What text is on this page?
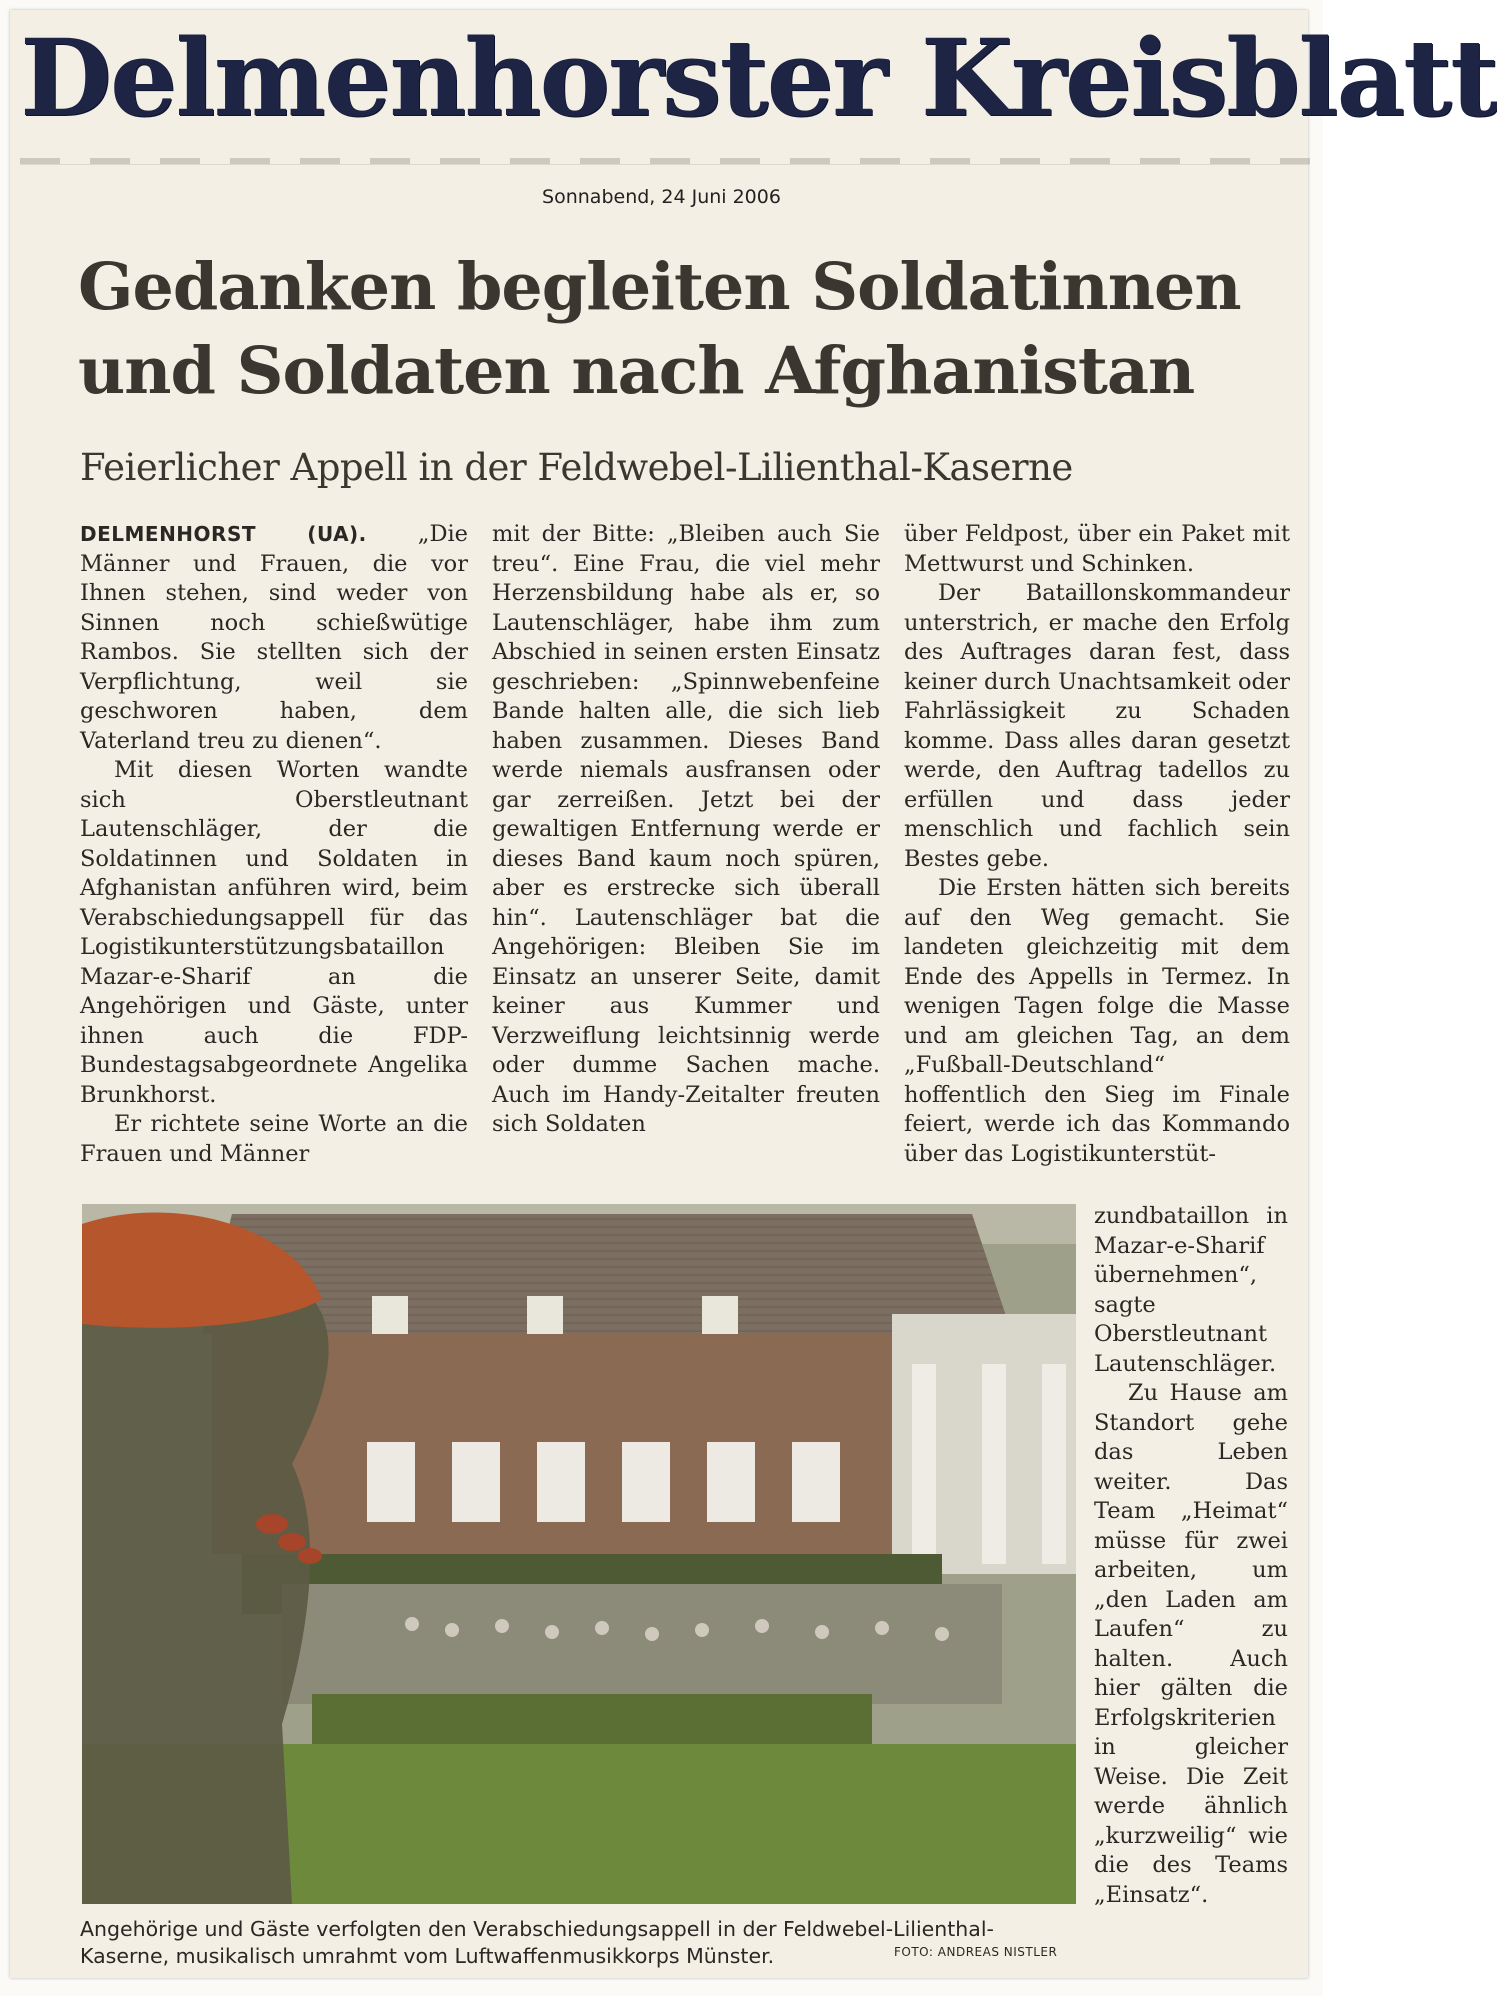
Delmenhorster Kreisblatt
Sonnabend, 24 Juni 2006
Gedanken begleiten Soldatinnen
und Soldaten nach Afghanistan
Feierlicher Appell in der Feldwebel-Lilienthal-Kaserne

DELMENHORST (UA). „Die Männer und Frauen, die vor Ihnen stehen, sind weder von Sinnen noch schießwütige Rambos. Sie stellten sich der Verpflichtung, weil sie geschworen haben, dem Vaterland treu zu dienen“.

Mit diesen Worten wandte sich Oberstleutnant Lautenschläger, der die Soldatinnen und Soldaten in Afghanistan anführen wird, beim Verabschiedungsappell für das Logistikunterstützungsbataillon Mazar-e-Sharif an die Angehörigen und Gäste, unter ihnen auch die FDP-Bundestagsabgeordnete Angelika Brunkhorst.

Er richtete seine Worte an die Frauen und Männer

mit der Bitte: „Bleiben auch Sie treu“. Eine Frau, die viel mehr Herzensbildung habe als er, so Lautenschläger, habe ihm zum Abschied in seinen ersten Einsatz geschrieben: „Spinnwebenfeine Bande halten alle, die sich lieb haben zusammen. Dieses Band werde niemals ausfransen oder gar zerreißen. Jetzt bei der gewaltigen Entfernung werde er dieses Band kaum noch spüren, aber es erstrecke sich überall hin“. Lautenschläger bat die Angehörigen: Bleiben Sie im Einsatz an unserer Seite, damit keiner aus Kummer und Verzweiflung leichtsinnig werde oder dumme Sachen mache. Auch im Handy-Zeitalter freuten sich Soldaten

über Feldpost, über ein Paket mit Mettwurst und Schinken.

Der Bataillonskommandeur unterstrich, er mache den Erfolg des Auftrages daran fest, dass keiner durch Unachtsamkeit oder Fahrlässigkeit zu Schaden komme. Dass alles daran gesetzt werde, den Auftrag tadellos zu erfüllen und dass jeder menschlich und fachlich sein Bestes gebe.

Die Ersten hätten sich bereits auf den Weg gemacht. Sie landeten gleichzeitig mit dem Ende des Appells in Termez. In wenigen Tagen folge die Masse und am gleichen Tag, an dem „Fußball-Deutschland“ hoffentlich den Sieg im Finale feiert, werde ich das Kommando über das Logistikunterstüt-

zundbataillon in Mazar-e-Sharif übernehmen“, sagte Oberstleutnant Lautenschläger.

Zu Hause am Standort gehe das Leben weiter. Das Team „Heimat“ müsse für zwei arbeiten, um „den Laden am Laufen“ zu halten. Auch hier gälten die Erfolgskriterien in gleicher Weise. Die Zeit werde ähnlich „kurzweilig“ wie die des Teams „Einsatz“.

Angehörige und Gäste verfolgten den Verabschiedungsappell in der Feldwebel-Lilienthal-Kaserne, musikalisch umrahmt vom Luftwaffenmusikkorps Münster.	FOTO: ANDREAS NISTLER
